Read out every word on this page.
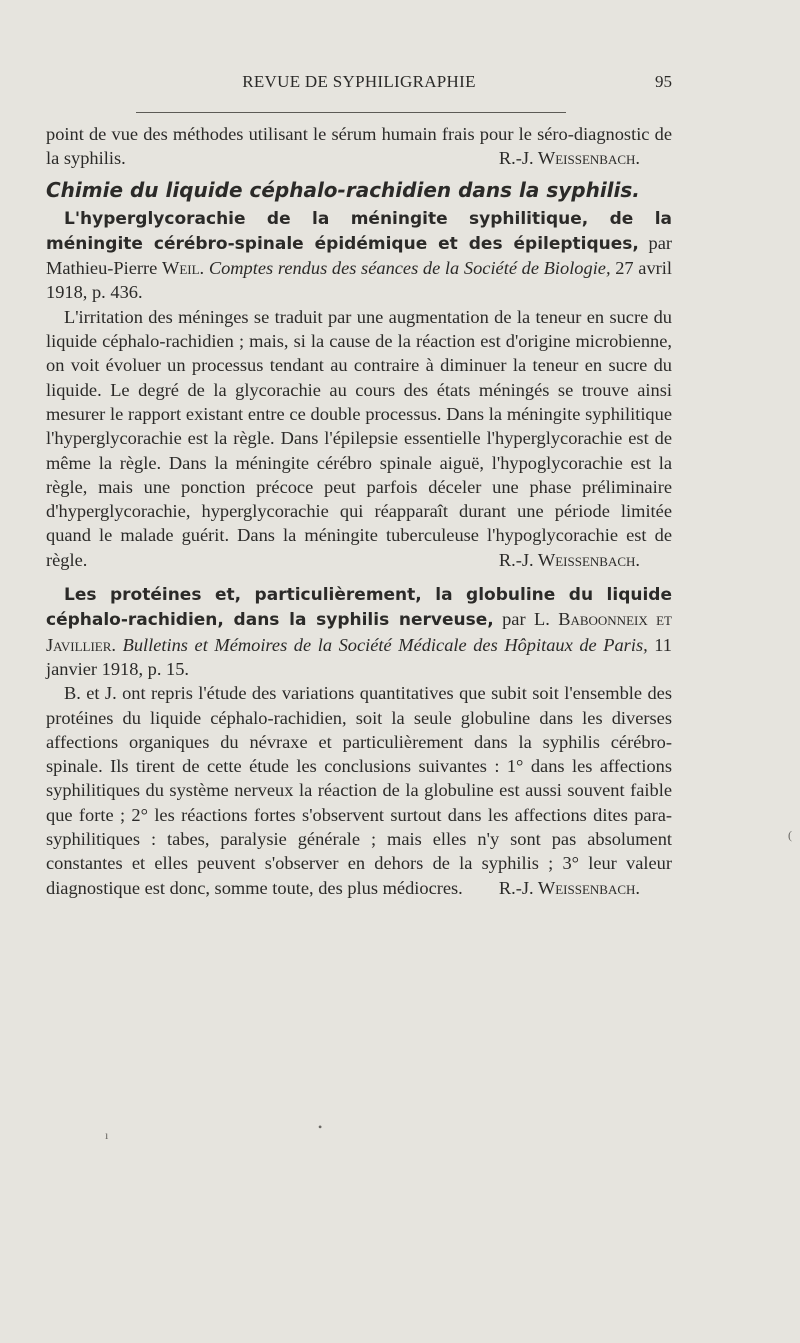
REVUE DE SYPHILIGRAPHIE	95

point de vue des méthodes utilisant le sérum humain frais pour le séro-diagnostic de la syphilis.	R.-J. Weissenbach.

Chimie du liquide céphalo-rachidien dans la syphilis.

L'hyperglycorachie de la méningite syphilitique, de la méningite cérébro-spinale épidémique et des épileptiques, par Mathieu-Pierre Weil. Comptes rendus des séances de la Société de Biologie, 27 avril 1918, p. 436.

L'irritation des méninges se traduit par une augmentation de la teneur en sucre du liquide céphalo-rachidien ; mais, si la cause de la réaction est d'origine microbienne, on voit évoluer un processus tendant au contraire à diminuer la teneur en sucre du liquide. Le degré de la glycorachie au cours des états méningés se trouve ainsi mesurer le rapport existant entre ce double processus. Dans la méningite syphilitique l'hyperglycorachie est la règle. Dans l'épilepsie essentielle l'hyperglycorachie est de même la règle. Dans la méningite cérébro spinale aiguë, l'hypoglycorachie est la règle, mais une ponction précoce peut parfois déceler une phase préliminaire d'hyperglycorachie, hyperglycorachie qui réapparaît durant une période limitée quand le malade guérit. Dans la méningite tuberculeuse l'hypoglycorachie est de règle.	R.-J. Weissenbach.

Les protéines et, particulièrement, la globuline du liquide céphalo-rachidien, dans la syphilis nerveuse, par L. Baboonneix et Javillier. Bulletins et Mémoires de la Société Médicale des Hôpitaux de Paris, 11 janvier 1918, p. 15.

B. et J. ont repris l'étude des variations quantitatives que subit soit l'ensemble des protéines du liquide céphalo-rachidien, soit la seule globuline dans les diverses affections organiques du névraxe et particulièrement dans la syphilis cérébro-spinale. Ils tirent de cette étude les conclusions suivantes : 1° dans les affections syphilitiques du système nerveux la réaction de la globuline est aussi souvent faible que forte ; 2° les réactions fortes s'observent surtout dans les affections dites para-syphilitiques : tabes, paralysie générale ; mais elles n'y sont pas absolument constantes et elles peuvent s'observer en dehors de la syphilis ; 3° leur valeur diagnostique est donc, somme toute, des plus médiocres.	R.-J. Weissenbach.

ı
•
(
